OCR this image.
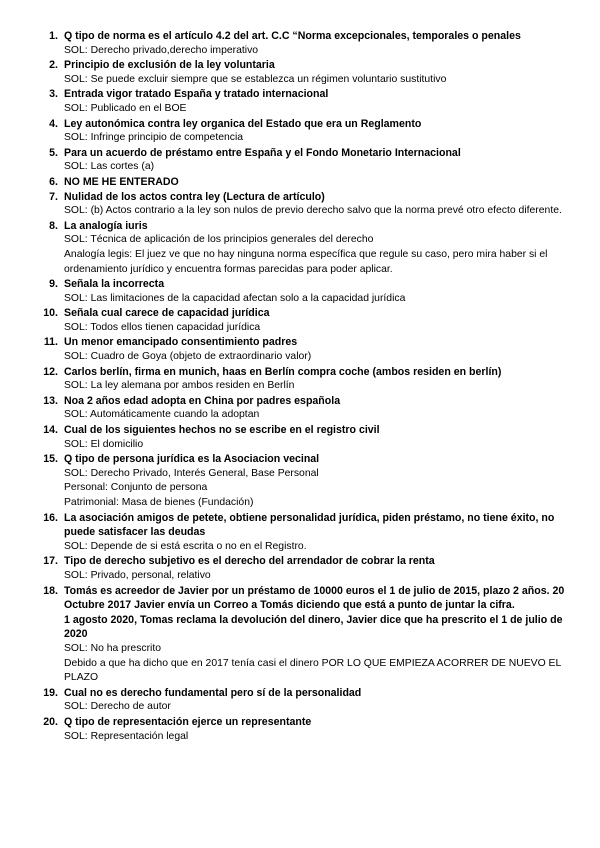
1. Q tipo de norma es el artículo 4.2 del art. C.C “Norma excepcionales, temporales o penales

SOL: Derecho privado,derecho imperativo

2. Principio de exclusión de la ley voluntaria

SOL: Se puede excluir siempre que se establezca un régimen voluntario sustitutivo

3. Entrada vigor tratado España y tratado internacional

SOL: Publicado en el BOE

4. Ley autonómica contra ley organica del Estado que era un Reglamento

SOL: Infringe principio de competencia

5. Para un acuerdo de préstamo entre España y el Fondo Monetario Internacional

SOL: Las cortes (a)

6. NO ME HE ENTERADO

7. Nulidad de los actos contra ley (Lectura de artículo)

SOL: (b) Actos contrario a la ley son nulos de previo derecho salvo que la norma prevé otro efecto diferente.

8. La analogía iuris

SOL: Técnica de aplicación de los principios generales del derecho

Analogía legis: El juez ve que no hay ninguna norma específica que regule su caso, pero mira haber si el ordenamiento jurídico y encuentra formas parecidas para poder aplicar.

9. Señala la incorrecta

SOL: Las limitaciones de la capacidad afectan solo a la capacidad jurídica

10. Señala cual carece de capacidad jurídica

SOL: Todos ellos tienen capacidad jurídica

11. Un menor emancipado consentimiento padres

SOL: Cuadro de Goya (objeto de extraordinario valor)

12. Carlos berlín, firma en munich, haas en Berlín compra coche (ambos residen en berlín)

SOL: La ley alemana por ambos residen en Berlín

13. Noa 2 años edad adopta en China por padres española

SOL: Automáticamente cuando la adoptan

14. Cual de los siguientes hechos no se escribe en el registro civil

SOL: El domicilio

15. Q tipo de persona jurídica es la Asociacion vecinal

SOL: Derecho Privado, Interés General, Base Personal

Personal: Conjunto de persona

Patrimonial: Masa de bienes (Fundación)

16. La asociación amigos de petete, obtiene personalidad jurídica, piden préstamo, no tiene éxito, no puede satisfacer las deudas

SOL: Depende de si está escrita o no en el Registro.

17. Tipo de derecho subjetivo es el derecho del arrendador de cobrar la renta

SOL: Privado, personal, relativo

18. Tomás es acreedor de Javier por un préstamo de 10000 euros el 1 de julio de 2015, plazo 2 años. 20 Octubre 2017 Javier envía un Correo a Tomás diciendo que está a punto de juntar la cifra.

1 agosto 2020, Tomas reclama la devolución del dinero, Javier dice que ha prescrito el 1 de julio de 2020

SOL: No ha prescrito

Debido a que ha dicho que en 2017 tenía casi el dinero POR LO QUE EMPIEZA ACORRER DE NUEVO EL PLAZO

19. Cual no es derecho fundamental pero sí de la personalidad

SOL: Derecho de autor

20. Q tipo de representación ejerce un representante

SOL: Representación legal
